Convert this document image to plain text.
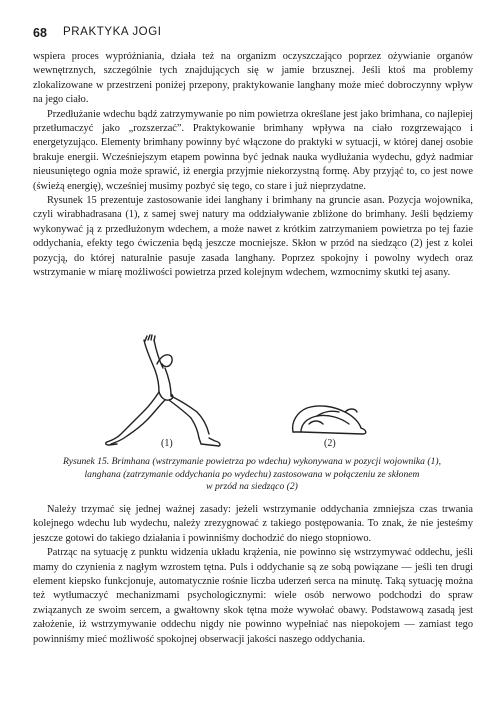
68 PRAKTYKA JOGI

wspiera proces wypróżniania, działa też na organizm oczyszczająco poprzez ożywianie organów wewnętrznych, szczególnie tych znajdujących się w jamie brzusznej. Jeśli ktoś ma problemy zlokalizowane w przestrzeni poniżej przepony, praktykowanie langhany może mieć dobroczynny wpływ na jego ciało.

Przedłużanie wdechu bądź zatrzymywanie po nim powietrza określane jest jako brimhana, co najlepiej przetłumaczyć jako „rozszerzać”. Praktykowanie brimhany wpływa na ciało rozgrzewająco i energetyzująco. Elementy brimhany powinny być włączone do praktyki w sytuacji, w której danej osobie brakuje energii. Wcześniejszym etapem powinna być jednak nauka wydłużania wydechu, gdyż nadmiar nieusuniętego ognia może sprawić, iż energia przyjmie niekorzystną formę. Aby przyjąć to, co jest nowe (świeżą energię), wcześniej musimy pozbyć się tego, co stare i już nieprzydatne.

Rysunek 15 prezentuje zastosowanie idei langhany i brimhany na gruncie asan. Pozycja wojownika, czyli wirabhadrasana (1), z samej swej natury ma oddziaływanie zbliżone do brimhany. Jeśli będziemy wykonywać ją z przedłużonym wdechem, a może nawet z krótkim zatrzymaniem powietrza po tej fazie oddychania, efekty tego ćwiczenia będą jeszcze mocniejsze. Skłon w przód na siedząco (2) jest z kolei pozycją, do której naturalnie pasuje zasada langhany. Poprzez spokojny i powolny wydech oraz wstrzymanie w miarę możliwości powietrza przed kolejnym wdechem, wzmocnimy skutki tej asany.

(1)	(2)
Rysunek 15. Brimhana (wstrzymanie powietrza po wdechu) wykonywana w pozycji wojownika (1),
langhana (zatrzymanie oddychania po wydechu) zastosowana w połączeniu ze skłonem
w przód na siedząco (2)

Należy trzymać się jednej ważnej zasady: jeżeli wstrzymanie oddychania zmniejsza czas trwania kolejnego wdechu lub wydechu, należy zrezygnować z takiego postępowania. To znak, że nie jesteśmy jeszcze gotowi do takiego działania i powinniśmy dochodzić do niego stopniowo.

Patrząc na sytuację z punktu widzenia układu krążenia, nie powinno się wstrzymywać oddechu, jeśli mamy do czynienia z nagłym wzrostem tętna. Puls i oddychanie są ze sobą powiązane — jeśli ten drugi element kiepsko funkcjonuje, automatycznie rośnie liczba uderzeń serca na minutę. Taką sytuację można też wytłumaczyć mechanizmami psychologicznymi: wiele osób nerwowo podchodzi do spraw związanych ze swoim sercem, a gwałtowny skok tętna może wywołać obawy. Podstawową zasadą jest założenie, iż wstrzymywanie oddechu nigdy nie powinno wypełniać nas niepokojem — zamiast tego powinniśmy mieć możliwość spokojnej obserwacji jakości naszego oddychania.
